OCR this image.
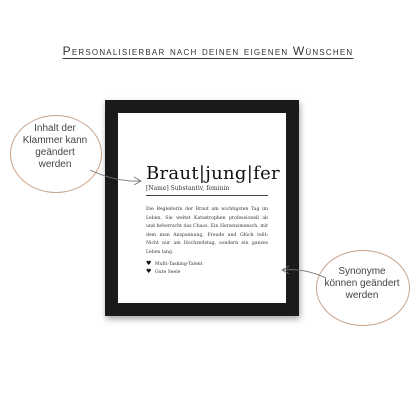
Personalisierbar nach deinen eigenen Wünschen
Braut|jung|fer
[Name] Substantiv, feminin

Die Begleiterin der Braut am wichtigsten Tag im Leben. Sie weltet Katastrophen professionell ab und beherrscht das Chaos. Ein Herzensmensch, mit dem man Anspannung, Freude and Glück teilt: Nicht nur am Hochzeitstag, sondern ein ganzes Leben lang.

♥ Multi-Tasking-Talent
♥ Gute Seele
Inhalt der
Klammer kann
geändert
werden
Synonyme
können geändert
werden
